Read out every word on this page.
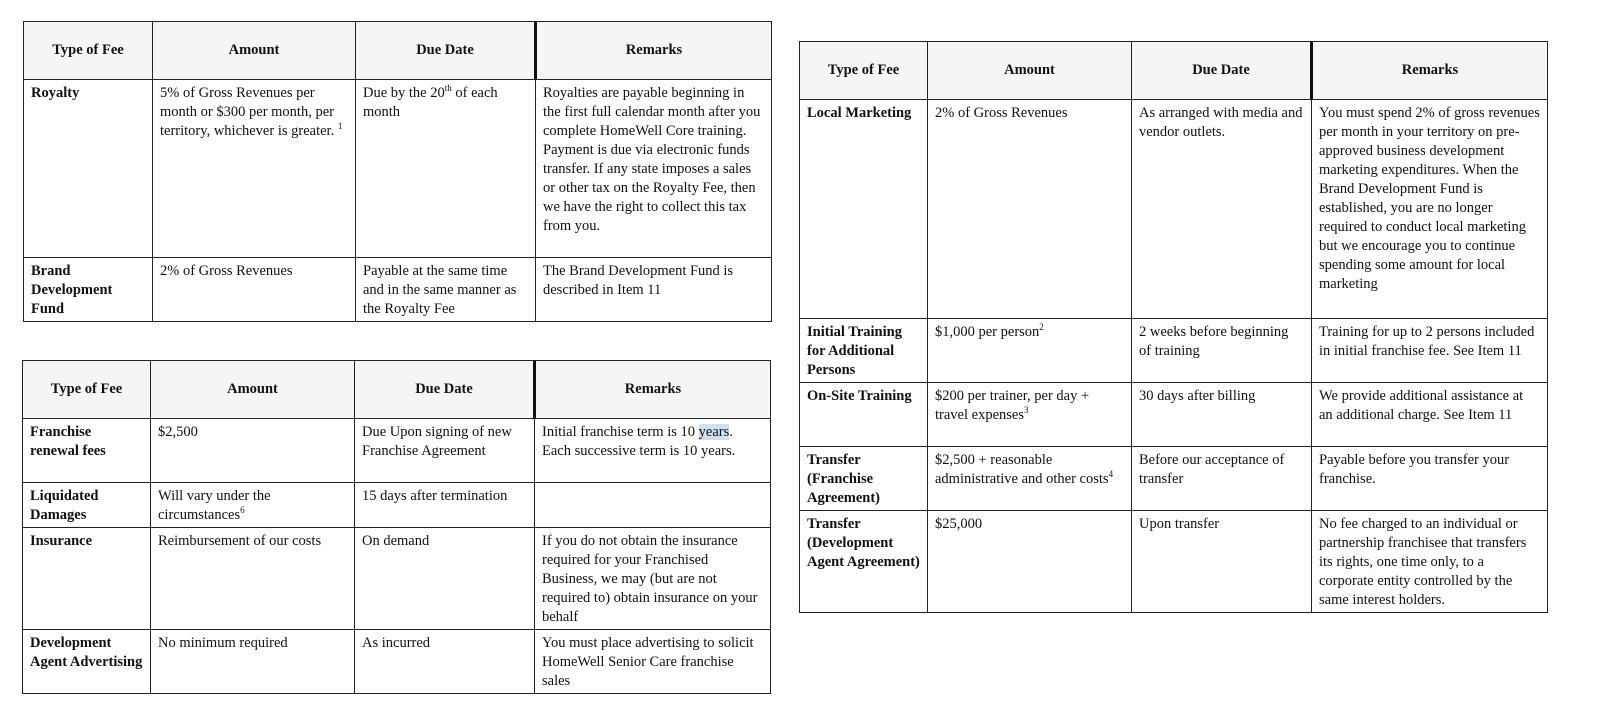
Type of Fee	Amount	Due Date	Remarks
Royalty	5% of Gross Revenues per month or $300 per month, per territory, whichever is greater. $^1$	Due by the 20th of each month	Royalties are payable beginning in the first full calendar month after you complete HomeWell Core training. Payment is due via electronic funds transfer. If any state imposes a sales or other tax on the Royalty Fee, then we have the right to collect this tax from you.
Brand Development Fund	2% of Gross Revenues	Payable at the same time and in the same manner as the Royalty Fee	The Brand Development Fund is described in Item 11
Type of Fee	Amount	Due Date	Remarks
Franchise renewal fees	$2,500	Due Upon signing of new Franchise Agreement	Initial franchise term is 10 years. Each successive term is 10 years.
Liquidated Damages	Will vary under the circumstances$^6$	15 days after termination	
Insurance	Reimbursement of our costs	On demand	If you do not obtain the insurance required for your Franchised Business, we may (but are not required to) obtain insurance on your behalf
Development Agent Advertising	No minimum required	As incurred	You must place advertising to solicit HomeWell Senior Care franchise sales
Type of Fee	Amount	Due Date	Remarks
Local Marketing	2% of Gross Revenues	As arranged with media and vendor outlets.	You must spend 2% of gross revenues per month in your territory on pre-approved business development marketing expenditures. When the Brand Development Fund is established, you are no longer required to conduct local marketing but we encourage you to continue spending some amount for local marketing
Initial Training for Additional Persons	$1,000 per person$^2$	2 weeks before beginning of training	Training for up to 2 persons included in initial franchise fee. See Item 11
On-Site Training	$200 per trainer, per day + travel expenses$^3$	30 days after billing	We provide additional assistance at an additional charge. See Item 11
Transfer (Franchise Agreement)	$2,500 + reasonable administrative and other costs$^4$	Before our acceptance of transfer	Payable before you transfer your franchise.
Transfer (Development Agent Agreement)	$25,000	Upon transfer	No fee charged to an individual or partnership franchisee that transfers its rights, one time only, to a corporate entity controlled by the same interest holders.
